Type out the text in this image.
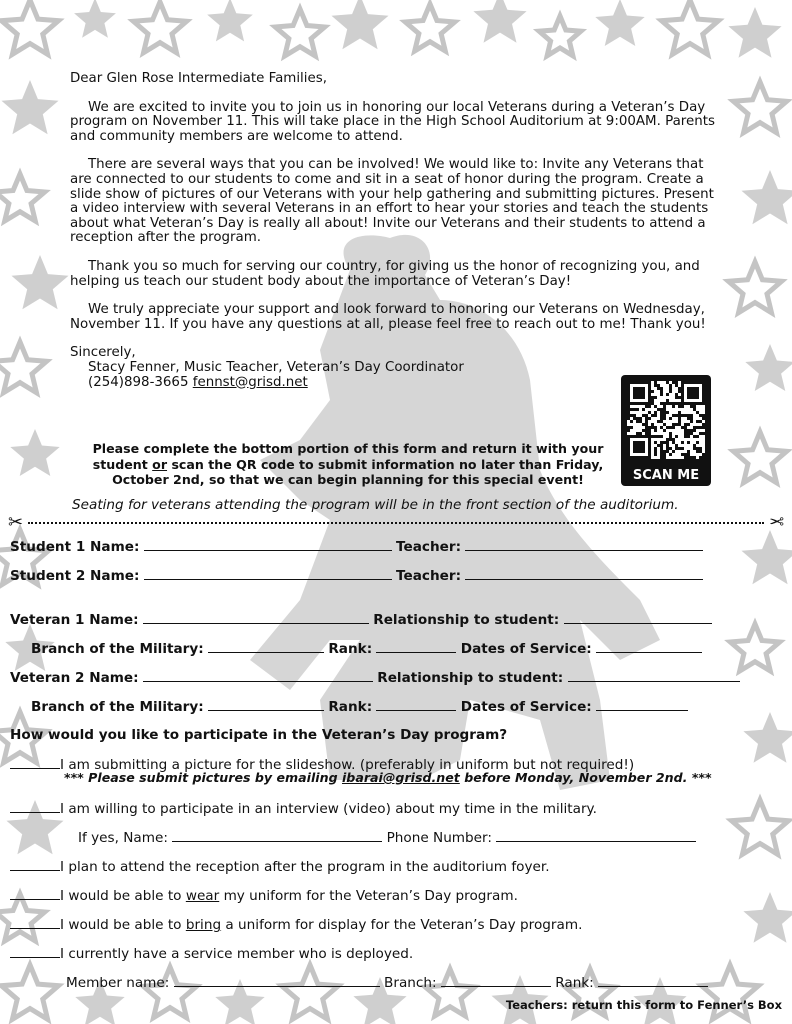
Dear Glen Rose Intermediate Families,

We are excited to invite you to join us in honoring our local Veterans during a Veteran’s Day program on November 11. This will take place in the High School Auditorium at 9:00AM. Parents and community members are welcome to attend.

There are several ways that you can be involved! We would like to: Invite any Veterans that are connected to our students to come and sit in a seat of honor during the program. Create a slide show of pictures of our Veterans with your help gathering and submitting pictures. Present a video interview with several Veterans in an effort to hear your stories and teach the students about what Veteran’s Day is really all about! Invite our Veterans and their students to attend a reception after the program.

Thank you so much for serving our country, for giving us the honor of recognizing you, and helping us teach our student body about the importance of Veteran’s Day!

We truly appreciate your support and look forward to honoring our Veterans on Wednesday, November 11. If you have any questions at all, please feel free to reach out to me! Thank you!

Sincerely,
Stacy Fenner, Music Teacher, Veteran’s Day Coordinator
(254)898-3665 fennst@grisd.net
SCAN ME
Please complete the bottom portion of this form and return it with your student or scan the QR code to submit information no later than Friday, October 2nd, so that we can begin planning for this special event!
Seating for veterans attending the program will be in the front section of the auditorium.
✂	✂
Student 1 Name:	Teacher:
Student 2 Name:	Teacher:
Veteran 1 Name:	Relationship to student:
Branch of the Military:	Rank:	Dates of Service:
Veteran 2 Name:	Relationship to student:
Branch of the Military:	Rank:	Dates of Service:
How would you like to participate in the Veteran’s Day program?
I am submitting a picture for the slideshow. (preferably in uniform but not required!)
*** Please submit pictures by emailing ibarai@grisd.net before Monday, November 2nd. ***
I am willing to participate in an interview (video) about my time in the military.
If yes, Name:	Phone Number:
I plan to attend the reception after the program in the auditorium foyer.
I would be able to wear my uniform for the Veteran’s Day program.
I would be able to bring a uniform for display for the Veteran’s Day program.
I currently have a service member who is deployed.
Member name:	Branch:	Rank:
Teachers: return this form to Fenner’s Box
